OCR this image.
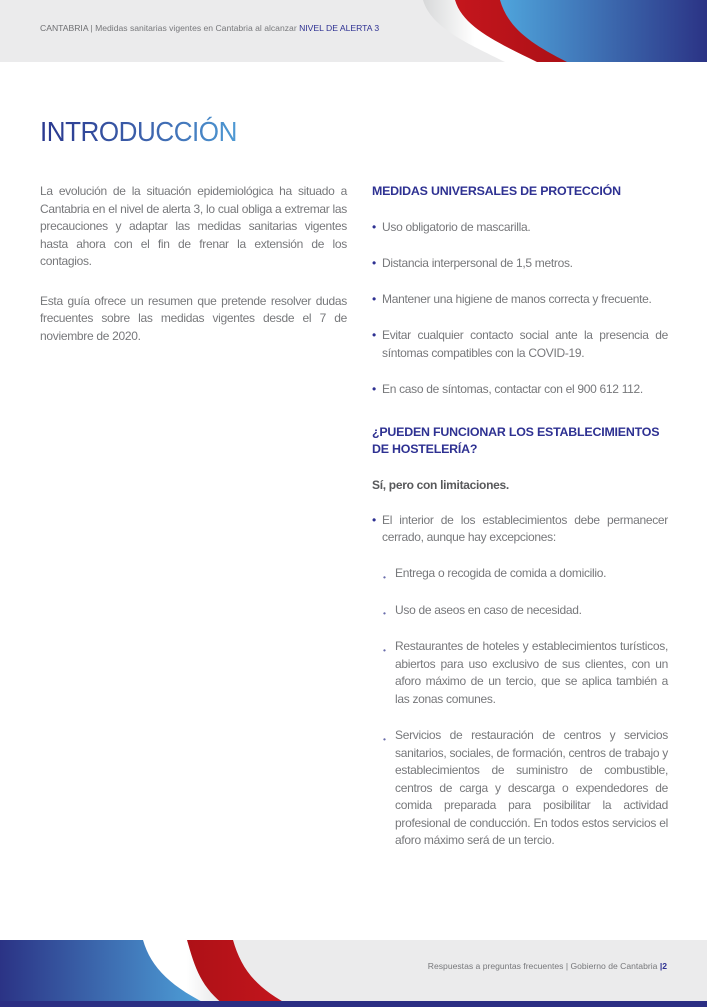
CANTABRIA | Medidas sanitarias vigentes en Cantabria al alcanzar NIVEL DE ALERTA 3
INTRODUCCIÓN

La evolución de la situación epidemiológica ha situado a Cantabria en el nivel de alerta 3, lo cual obliga a extremar las precauciones y adaptar las medidas sanitarias vigentes hasta ahora con el fin de frenar la extensión de los contagios.

Esta guía ofrece un resumen que pretende resolver dudas frecuentes sobre las medidas vigentes desde el 7 de noviembre de 2020.

MEDIDAS UNIVERSALES DE PROTECCIÓN
• Uso obligatorio de mascarilla.
• Distancia interpersonal de 1,5 metros.
• Mantener una higiene de manos correcta y frecuente.
• Evitar cualquier contacto social ante la presencia de síntomas compatibles con la COVID-19.
• En caso de síntomas, contactar con el 900 612 112.
¿PUEDEN FUNCIONAR LOS ESTABLECIMIENTOS DE HOSTELERÍA?

Sí, pero con limitaciones.

• El interior de los establecimientos debe permanecer cerrado, aunque hay excepciones:
• Entrega o recogida de comida a domicilio.
• Uso de aseos en caso de necesidad.
• Restaurantes de hoteles y establecimientos turísticos, abiertos para uso exclusivo de sus clientes, con un aforo máximo de un tercio, que se aplica también a las zonas comunes.
• Servicios de restauración de centros y servicios sanitarios, sociales, de formación, centros de trabajo y establecimientos de suministro de combustible, centros de carga y descarga o expendedores de comida preparada para posibilitar la actividad profesional de conducción. En todos estos servicios el aforo máximo será de un tercio.
Respuestas a preguntas frecuentes | Gobierno de Cantabria |2
